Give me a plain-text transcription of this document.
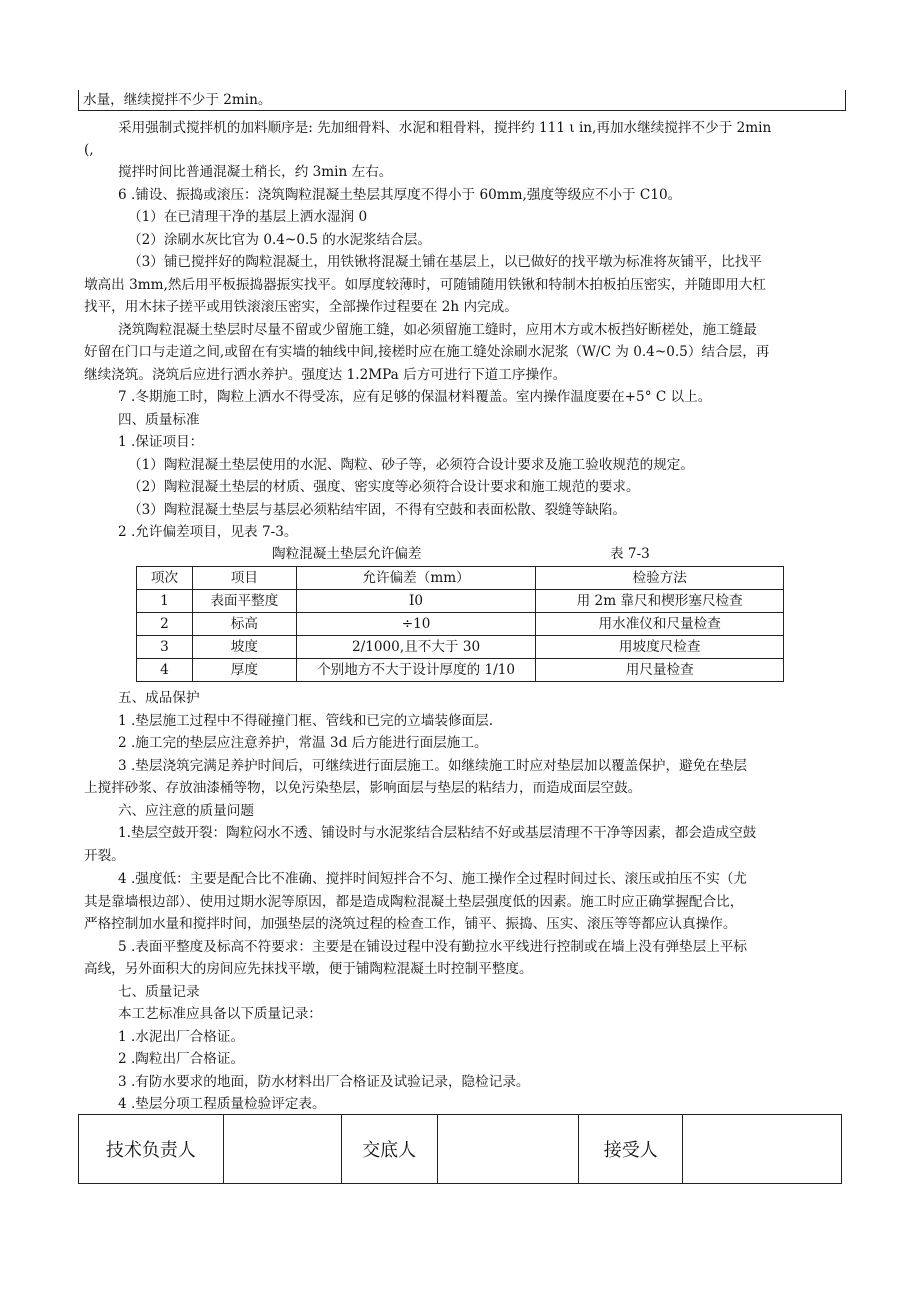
水量，继续搅拌不少于 2min。
采用强制式搅拌机的加料顺序是: 先加细骨料、水泥和粗骨料，搅拌约 111 ι in,再加水继续搅拌不少于 2min
(,
搅拌时间比普通混凝土稍长，约 3min 左右。
6 .铺设、振捣或滚压：浇筑陶粒混凝土垫层其厚度不得小于 60mm,强度等级应不小于 C10。
（1）在已清理干净的基层上洒水湿润 0
（2）涂刷水灰比官为 0.4~0.5 的水泥浆结合层。
（3）铺已搅拌好的陶粒混凝土，用铁锹将混凝土铺在基层上，以已做好的找平墩为标准将灰铺平，比找平
墩高出 3mm,然后用平板振捣器振实找平。如厚度较薄时，可随铺随用铁锹和特制木拍板拍压密实，并随即用大杠
找平，用木抹子搓平或用铁滚滚压密实，全部操作过程要在 2h 内完成。
浇筑陶粒混凝土垫层时尽量不留或少留施工缝，如必须留施工缝时，应用木方或木板挡好断槎处，施工缝最
好留在门口与走道之间,或留在有实墙的轴线中间,接槎时应在施工缝处涂刷水泥浆（W/C 为 0.4~0.5）结合层，再
继续浇筑。浇筑后应进行洒水养护。强度达 1.2MPa 后方可进行下道工序操作。
7 .冬期施工时，陶粒上洒水不得受冻，应有足够的保温材料覆盖。室内操作温度要在+5° C 以上。
四、质量标准
1 .保证项目：
（1）陶粒混凝土垫层使用的水泥、陶粒、砂子等，必须符合设计要求及施工验收规范的规定。
（2）陶粒混凝土垫层的材质、强度、密实度等必须符合设计要求和施工规范的要求。
（3）陶粒混凝土垫层与基层必须粘结牢固，不得有空鼓和表面松散、裂缝等缺陷。
2 .允许偏差项目，见表 7-3。
陶粒混凝土垫层允许偏差	表 7-3
项次	项目	允许偏差（mm）	检验方法
1	表面平整度	I0	用 2m 靠尺和楔形塞尺检查
2	标高	÷10	用水准仪和尺量检查
3	坡度	2/1000,且不大于 30	用坡度尺检查
4	厚度	个别地方不大于设计厚度的 1/10	用尺量检查
五、成品保护
1 .垫层施工过程中不得碰撞门框、管线和已完的立墙装修面层.
2 .施工完的垫层应注意养护，常温 3d 后方能进行面层施工。
3 .垫层浇筑完满足养护时间后，可继续进行面层施工。如继续施工时应对垫层加以覆盖保护，避免在垫层
上搅拌砂浆、存放油漆桶等物，以免污染垫层，影响面层与垫层的粘结力，而造成面层空鼓。
六、应注意的质量问题
1.垫层空鼓开裂：陶粒闷水不透、铺设时与水泥浆结合层粘结不好或基层清理不干净等因素，都会造成空鼓
开裂。
4 .强度低：主要是配合比不准确、搅拌时间短拌合不匀、施工操作全过程时间过长、滚压或拍压不实（尤
其是靠墙根边部）、使用过期水泥等原因，都是造成陶粒混凝土垫层强度低的因素。施工时应正确掌握配合比，
严格控制加水量和搅拌时间，加强垫层的浇筑过程的检查工作，铺平、振捣、压实、滚压等等都应认真操作。
5 .表面平整度及标高不符要求：主要是在铺设过程中没有勤拉水平线进行控制或在墙上没有弹垫层上平标
高线，另外面积大的房间应先抹找平墩，便于铺陶粒混凝土时控制平整度。
七、质量记录
本工艺标准应具备以下质量记录：
1 .水泥出厂合格证。
2 .陶粒出厂合格证。
3 .有防水要求的地面，防水材料出厂合格证及试验记录，隐检记录。
4 .垫层分项工程质量检验评定表。
技术负责人		交底人		接受人	
